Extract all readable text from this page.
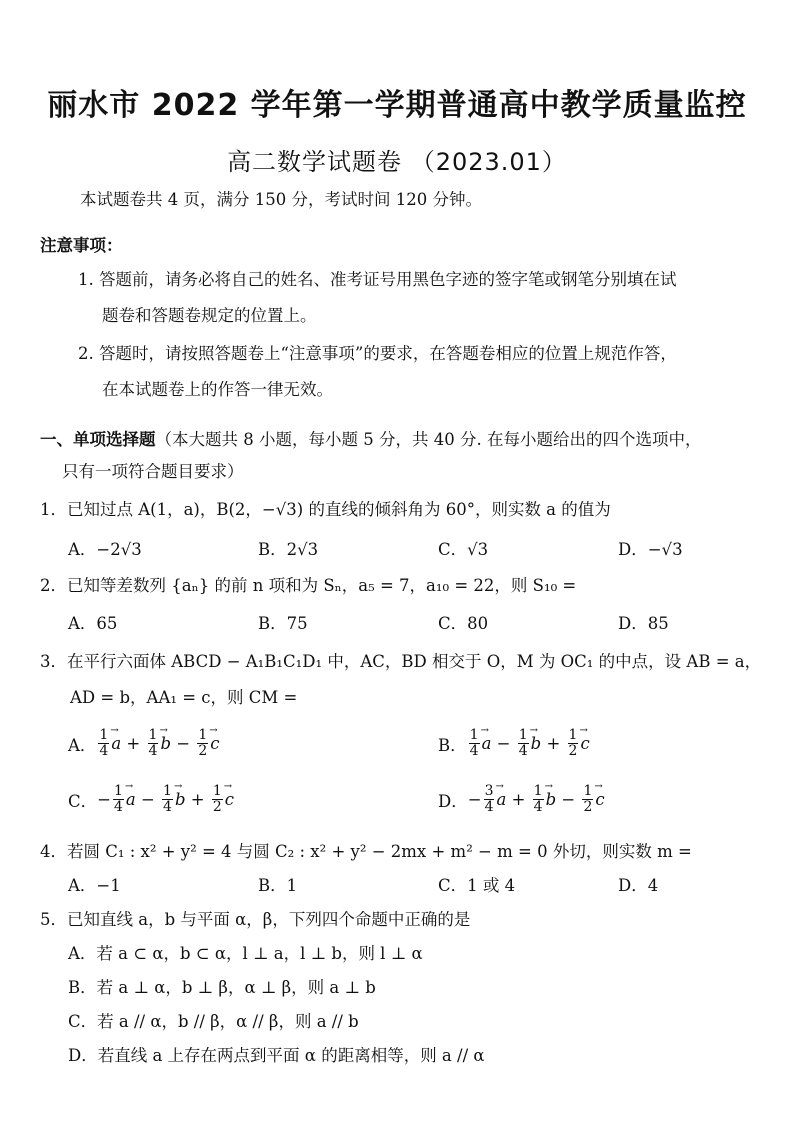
丽水市 2022 学年第一学期普通高中教学质量监控
高二数学试题卷 （2023.01）
本试题卷共 4 页，满分 150 分，考试时间 120 分钟。
注意事项：
1. 答题前，请务必将自己的姓名、准考证号用黑色字迹的签字笔或钢笔分别填在试
题卷和答题卷规定的位置上。
2. 答题时，请按照答题卷上“注意事项”的要求，在答题卷相应的位置上规范作答，
在本试题卷上的作答一律无效。
一、单项选择题（本大题共 8 小题，每小题 5 分，共 40 分. 在每小题给出的四个选项中，
只有一项符合题目要求）
1．已知过点 A(1，a)，B(2，−√3) 的直线的倾斜角为 60°，则实数 a 的值为
A．−2√3	B．2√3	C．√3	D．−√3
2．已知等差数列 {aₙ} 的前 n 项和为 Sₙ，a₅ = 7，a₁₀ = 22，则 S₁₀ =
A．65	B．75	C．80	D．85
3．在平行六面体 ABCD − A₁B₁C₁D₁ 中，AC，BD 相交于 O，M 为 OC₁ 的中点，设 AB = a，
AD = b，AA₁ = c，则 CM =
A． $\frac{1}{4} \to a + \frac{1}{4} \to b - \frac{1}{2} \to c$	B． $\frac{1}{4} \to a - \frac{1}{4} \to b + \frac{1}{2} \to c$
C． − $\frac{1}{4} \to a - \frac{1}{4} \to b + \frac{1}{2} \to c$	D． − $\frac{3}{4} \to a + \frac{1}{4} \to b - \frac{1}{2} \to c$
4．若圆 C₁ : x² + y² = 4 与圆 C₂ : x² + y² − 2mx + m² − m = 0 外切，则实数 m =
A．−1	B．1	C．1 或 4	D．4
5．已知直线 a，b 与平面 α，β，下列四个命题中正确的是
A．若 a ⊂ α，b ⊂ α，l ⊥ a，l ⊥ b，则 l ⊥ α
B．若 a ⊥ α，b ⊥ β，α ⊥ β，则 a ⊥ b
C．若 a // α，b // β，α // β，则 a // b
D．若直线 a 上存在两点到平面 α 的距离相等，则 a // α
